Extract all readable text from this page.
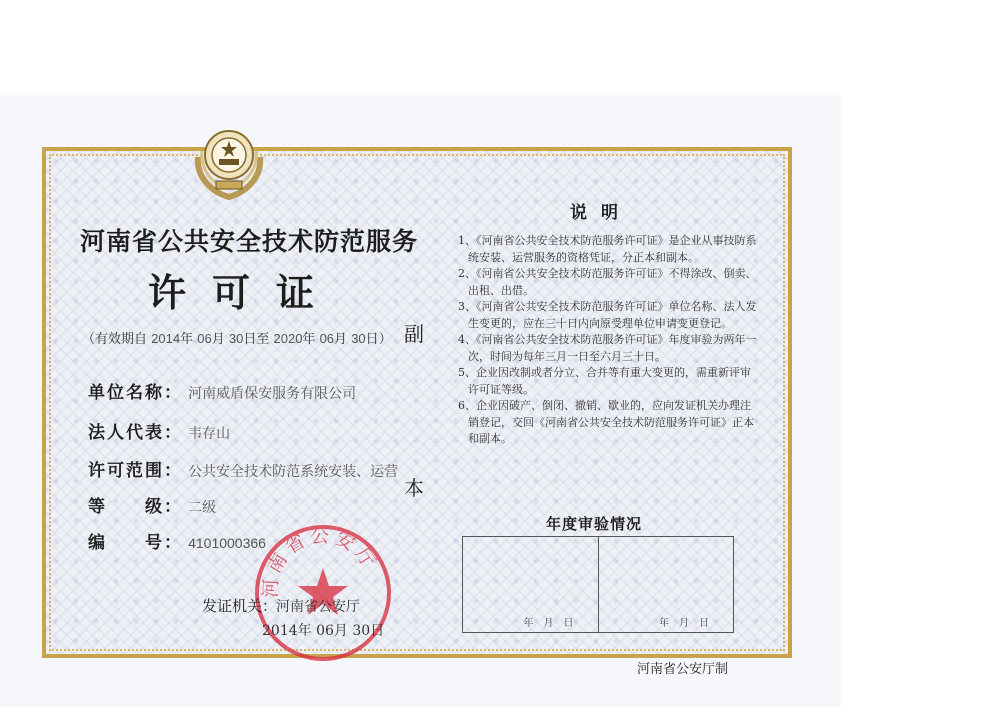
河南省公共安全技术防范服务
许可证
（有效期自 2014年 06月 30日至 2020年 06月 30日） 副
本
单位名称： 河南威盾保安服务有限公司
法人代表： 韦存山
许可范围： 公共安全技术防范系统安装、运营
等　　级： 二级
编　　号： 4101000366
河南省公安厅
发证机关：
河南省公安厅
2014年 06月 30日
说明

1、《河南省公共安全技术防范服务许可证》是企业从事技防系统安装、运营服务的资格凭证，分正本和副本。

2、《河南省公共安全技术防范服务许可证》不得涂改、倒卖、出租、出借。

3、《河南省公共安全技术防范服务许可证》单位名称、法人发生变更的，应在三十日内向原受理单位申请变更登记。

4、《河南省公共安全技术防范服务许可证》年度审验为两年一次，时间为每年三月一日至六月三十日。

5、企业因改制或者分立、合并等有重大变更的，需重新评审许可证等级。

6、企业因破产、倒闭、撤销、歇业的，应向发证机关办理注销登记，交回《河南省公共安全技术防范服务许可证》正本和副本。

年度审验情况
年月日	年月日
河南省公安厅制
